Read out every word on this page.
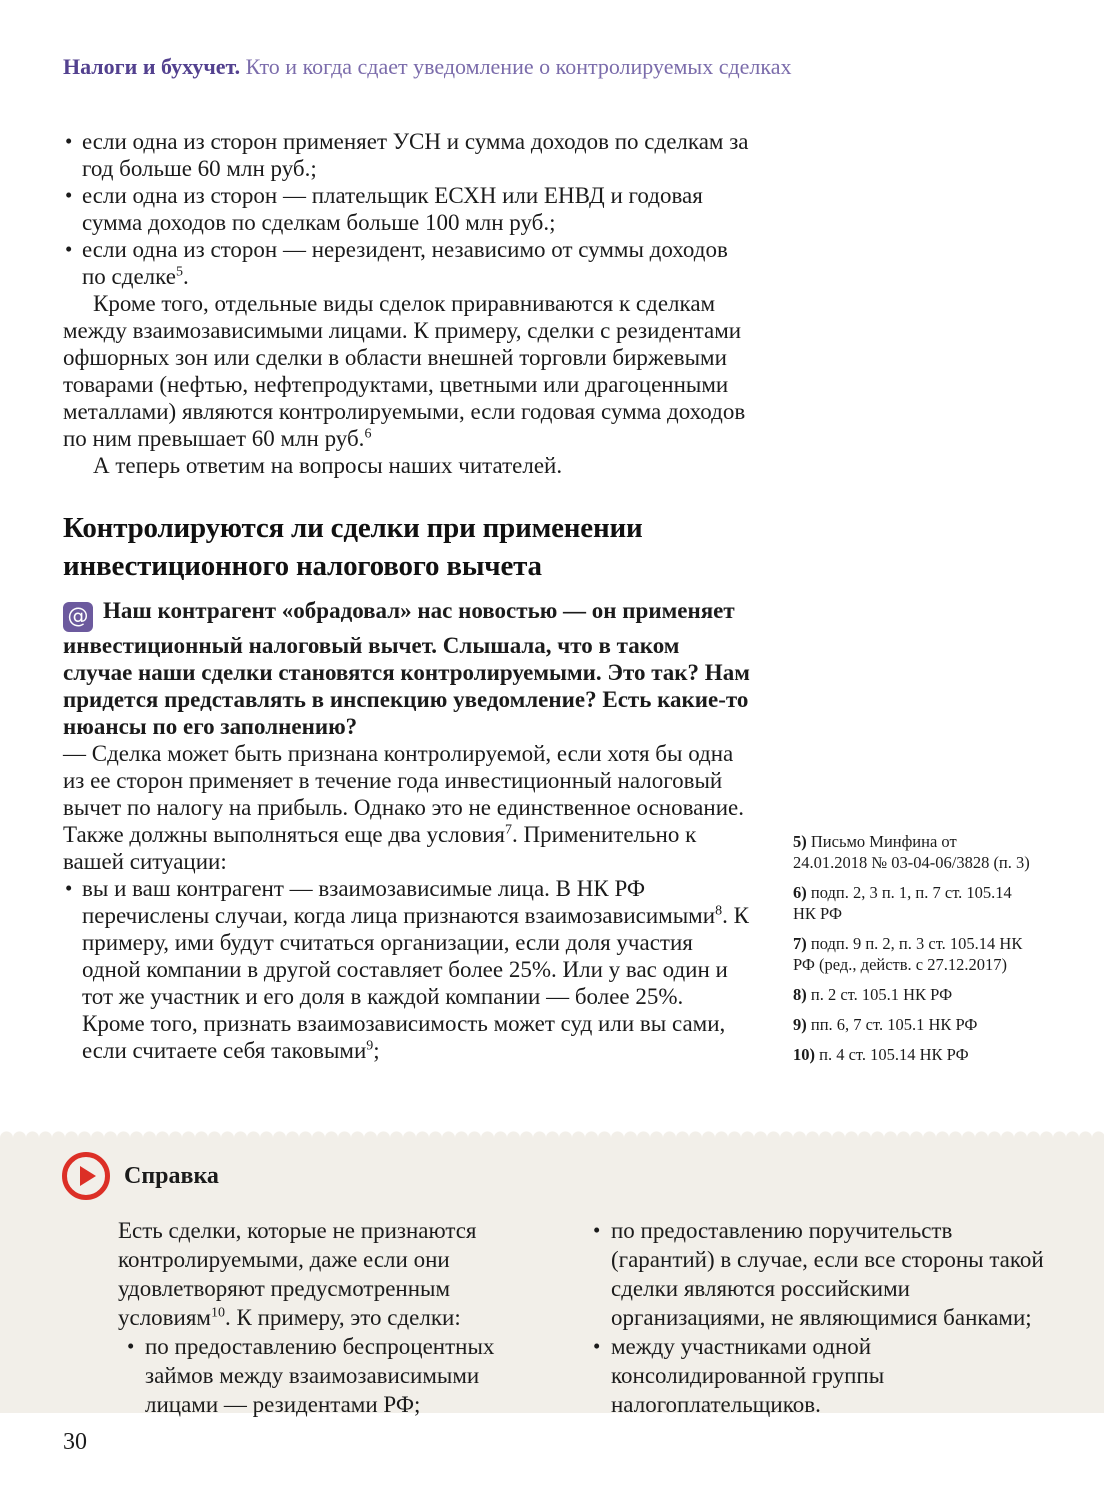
Налоги и бухучет. Кто и когда сдает уведомление о контролируемых сделках
• если одна из сторон применяет УСН и сумма доходов по сделкам за год больше 60 млн руб.;
• если одна из сторон — плательщик ЕСХН или ЕНВД и годовая сумма доходов по сделкам больше 100 млн руб.;
• если одна из сторон — нерезидент, независимо от суммы доходов по сделке$^5$.

Кроме того, отдельные виды сделок приравниваются к сделкам между взаимозависимыми лицами. К примеру, сделки с резидентами офшорных зон или сделки в области внешней торговли биржевыми товарами (нефтью, нефтепродуктами, цветными или драгоценными металлами) являются контролируемыми, если годовая сумма доходов по ним превышает 60 млн руб.$^6$

А теперь ответим на вопросы наших читателей.

Контролируются ли сделки при применении инвестиционного налогового вычета

@ Наш контрагент «обрадовал» нас новостью — он применяет инвестиционный налоговый вычет. Слышала, что в таком случае наши сделки становятся контролируемыми. Это так? Нам придется представлять в инспекцию уведомление? Есть какие-то нюансы по его заполнению?

— Сделка может быть признана контролируемой, если хотя бы одна из ее сторон применяет в течение года инвестиционный налоговый вычет по налогу на прибыль. Однако это не единственное основание. Также должны выполняться еще два условия$^7$. Применительно к вашей ситуации:

• вы и ваш контрагент — взаимозависимые лица. В НК РФ перечислены случаи, когда лица признаются взаимозависимыми$^8$. К примеру, ими будут считаться организации, если доля участия одной компании в другой составляет более 25%. Или у вас один и тот же участник и его доля в каждой компании — более 25%. Кроме того, признать взаимозависимость может суд или вы сами, если считаете себя таковыми$^9$;

5) Письмо Минфина от 24.01.2018 № 03-04-06/3828 (п. 3)

6) подп. 2, 3 п. 1, п. 7 ст. 105.14 НК РФ

7) подп. 9 п. 2, п. 3 ст. 105.14 НК РФ (ред., действ. с 27.12.2017)

8) п. 2 ст. 105.1 НК РФ

9) пп. 6, 7 ст. 105.1 НК РФ

10) п. 4 ст. 105.14 НК РФ

Справка

Есть сделки, которые не признаются контролируемыми, даже если они удовлетворяют предусмотренным условиям$^{10}$. К примеру, это сделки:

• по предоставлению беспроцентных займов между взаимозависимыми лицами — резидентами РФ;
• по предоставлению поручительств (гарантий) в случае, если все стороны такой сделки являются российскими организациями, не являющимися банками;
• между участниками одной консолидированной группы налогоплательщиков.
30
